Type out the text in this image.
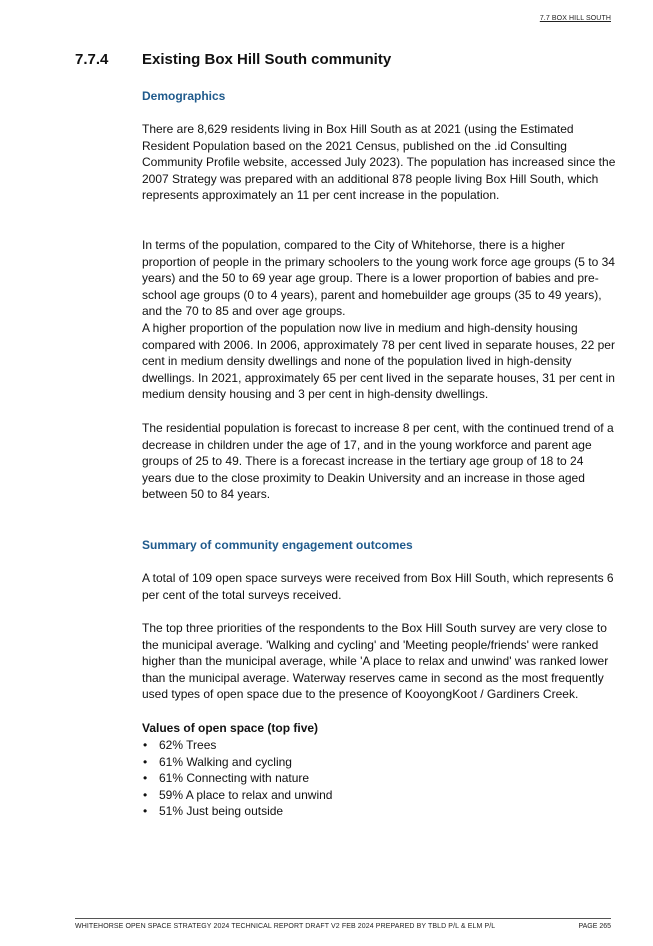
7.7 BOX HILL SOUTH
7.7.4 Existing Box Hill South community

Demographics

There are 8,629 residents living in Box Hill South as at 2021 (using the Estimated Resident Population based on the 2021 Census, published on the .id Consulting Community Profile website, accessed July 2023). The population has increased since the 2007 Strategy was prepared with an additional 878 people living Box Hill South, which represents approximately an 11 per cent increase in the population.

In terms of the population, compared to the City of Whitehorse, there is a higher proportion of people in the primary schoolers to the young work force age groups (5 to 34 years) and the 50 to 69 year age group. There is a lower proportion of babies and pre-school age groups (0 to 4 years), parent and homebuilder age groups (35 to 49 years), and the 70 to 85 and over age groups.

A higher proportion of the population now live in medium and high-density housing compared with 2006. In 2006, approximately 78 per cent lived in separate houses, 22 per cent in medium density dwellings and none of the population lived in high-density dwellings. In 2021, approximately 65 per cent lived in the separate houses, 31 per cent in medium density housing and 3 per cent in high-density dwellings.

The residential population is forecast to increase 8 per cent, with the continued trend of a decrease in children under the age of 17, and in the young workforce and parent age groups of 25 to 49. There is a forecast increase in the tertiary age group of 18 to 24 years due to the close proximity to Deakin University and an increase in those aged between 50 to 84 years.

Summary of community engagement outcomes

A total of 109 open space surveys were received from Box Hill South, which represents 6 per cent of the total surveys received.

The top three priorities of the respondents to the Box Hill South survey are very close to the municipal average. 'Walking and cycling' and 'Meeting people/friends' were ranked higher than the municipal average, while 'A place to relax and unwind' was ranked lower than the municipal average. Waterway reserves came in second as the most frequently used types of open space due to the presence of KooyongKoot / Gardiners Creek.

Values of open space (top five)

• 62% Trees
• 61% Walking and cycling
• 61% Connecting with nature
• 59% A place to relax and unwind
• 51% Just being outside
WHITEHORSE OPEN SPACE STRATEGY 2024 TECHNICAL REPORT DRAFT V2 FEB 2024 PREPARED BY TBLD P/L & ELM P/L	PAGE 265
